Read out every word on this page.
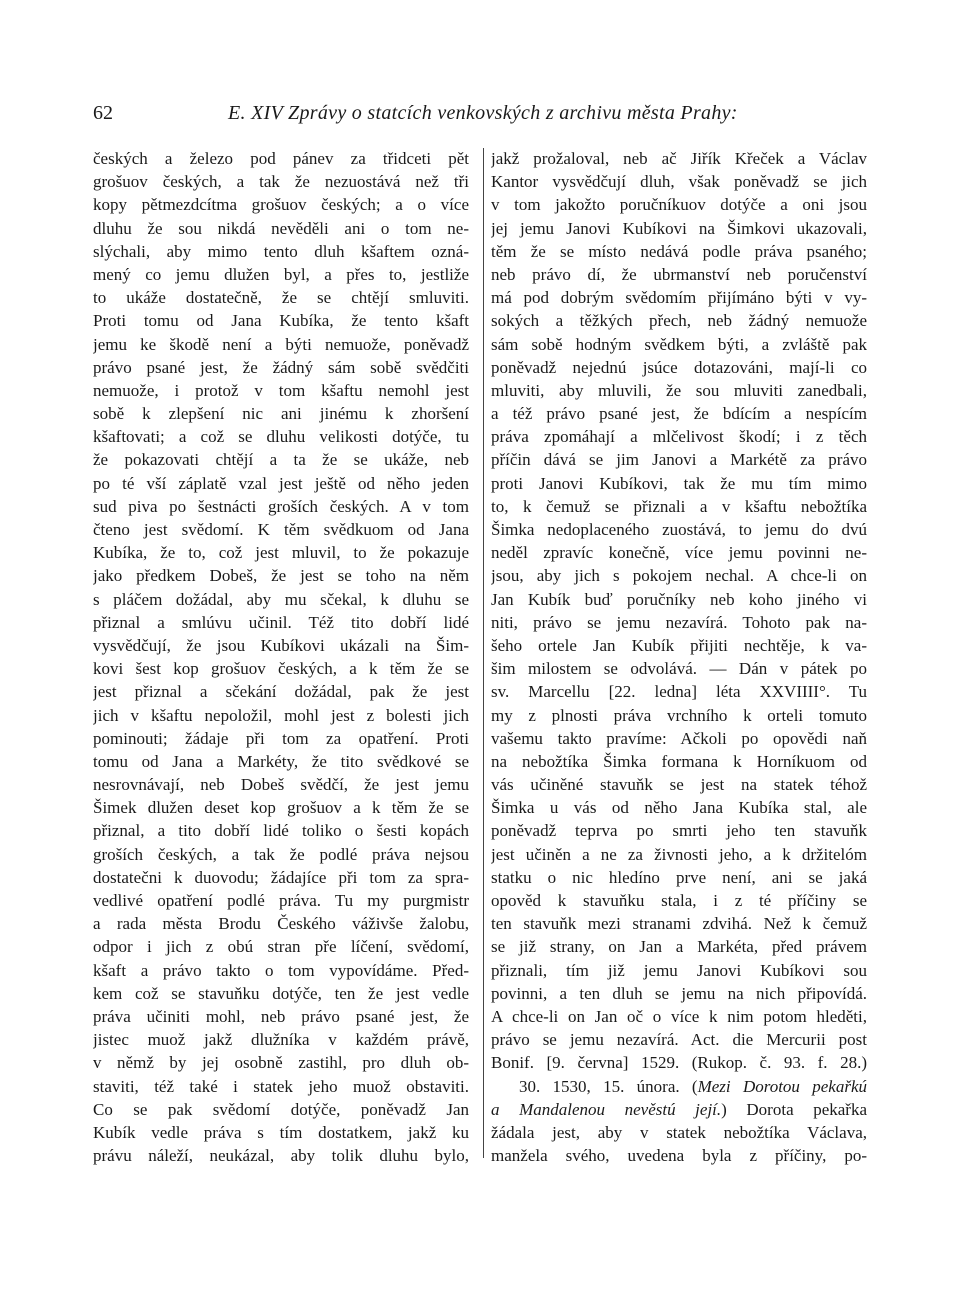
62	E. XIV Zprávy o statcích venkovských z archivu města Prahy:
českých a železo pod pánev za třidceti pět
grošuov českých, a tak že nezuostává než tři
kopy pětmezdcítma grošuov českých; a o více
dluhu že sou nikdá nevěděli ani o tom ne-
slýchali, aby mimo tento dluh kšaftem ozná-
mený co jemu dlužen byl, a přes to, jestliže
to ukáže dostatečně, že se chtějí smluviti.
Proti tomu od Jana Kubíka, že tento kšaft
jemu ke škodě není a býti nemuože, poněvadž
právo psané jest, že žádný sám sobě svědčiti
nemuože, i protož v tom kšaftu nemohl jest
sobě k zlepšení nic ani jinému k zhoršení
kšaftovati; a což se dluhu velikosti dotýče, tu
že pokazovati chtějí a ta že se ukáže, neb
po té vší záplatě vzal jest ještě od něho jeden
sud piva po šestnácti groších českých. A v tom
čteno jest svědomí. K těm svědkuom od Jana
Kubíka, že to, což jest mluvil, to že pokazuje
jako předkem Dobeš, že jest se toho na něm
s pláčem dožádal, aby mu sčekal, k dluhu se
přiznal a smlúvu učinil. Též tito dobří lidé
vysvědčují, že jsou Kubíkovi ukázali na Šim-
kovi šest kop grošuov českých, a k těm že se
jest přiznal a sčekání dožádal, pak že jest
jich v kšaftu nepoložil, mohl jest z bolesti jich
pominouti; žádaje při tom za opatření. Proti
tomu od Jana a Markéty, že tito svědkové se
nesrovnávají, neb Dobeš svědčí, že jest jemu
Šimek dlužen deset kop grošuov a k těm že se
přiznal, a tito dobří lidé toliko o šesti kopách
groších českých, a tak že podlé práva nejsou
dostatečni k duovodu; žádajíce při tom za spra-
vedlivé opatření podlé práva. Tu my purgmistr
a rada města Brodu Českého váživše žalobu,
odpor i jich z obú stran pře líčení, svědomí,
kšaft a právo takto o tom vypovídáme. Před-
kem což se stavuňku dotýče, ten že jest vedle
práva učiniti mohl, neb právo psané jest, že
jistec muož jakž dlužníka v každém právě,
v němž by jej osobně zastihl, pro dluh ob-
staviti, též také i statek jeho muož obstaviti.
Co se pak svědomí dotýče, poněvadž Jan
Kubík vedle práva s tím dostatkem, jakž ku
právu náleží, neukázal, aby tolik dluhu bylo,
jakž prožaloval, neb ač Jiřík Křeček a Václav
Kantor vysvědčují dluh, však poněvadž se jich
v tom jakožto poručníkuov dotýče a oni jsou
jej jemu Janovi Kubíkovi na Šimkovi ukazovali,
těm že se místo nedává podle práva psaného;
neb právo dí, že ubrmanství neb poručenství
má pod dobrým svědomím přijímáno býti v vy-
sokých a těžkých přech, neb žádný nemuože
sám sobě hodným svědkem býti, a zvláště pak
poněvadž nejednú jsúce dotazováni, mají-li co
mluviti, aby mluvili, že sou mluviti zanedbali,
a též právo psané jest, že bdícím a nespícím
práva zpomáhají a mlčelivost škodí; i z těch
příčin dává se jim Janovi a Markétě za právo
proti Janovi Kubíkovi, tak že mu tím mimo
to, k čemuž se přiznali a v kšaftu nebožtíka
Šimka nedoplaceného zuostává, to jemu do dvú
neděl zpravíc konečně, více jemu povinni ne-
jsou, aby jich s pokojem nechal. A chce-li on
Jan Kubík buď poručníky neb koho jiného vi
niti, právo se jemu nezavírá. Tohoto pak na-
šeho ortele Jan Kubík přijiti nechtěje, k va-
šim milostem se odvolává. — Dán v pátek po
sv. Marcellu [22. ledna] léta XXVIIII°. Tu
my z plnosti práva vrchního k orteli tomuto
vašemu takto pravíme: Ačkoli po opovědi naň
na nebožtíka Šimka formana k Horníkuom od
vás učiněné stavuňk se jest na statek téhož
Šimka u vás od něho Jana Kubíka stal, ale
poněvadž teprva po smrti jeho ten stavuňk
jest učiněn a ne za živnosti jeho, a k držitelóm
statku o nic hledíno prve není, ani se jaká
opověd k stavuňku stala, i z té příčiny se
ten stavuňk mezi stranami zdvihá. Než k čemuž
se již strany, on Jan a Markéta, před právem
přiznali, tím již jemu Janovi Kubíkovi sou
povinni, a ten dluh se jemu na nich připovídá.
A chce-li on Jan oč o více k nim potom hleděti,
právo se jemu nezavírá. Act. die Mercurii post
Bonif. [9. června] 1529. (Rukop. č. 93. f. 28.)
30. 1530, 15. února. (Mezi Dorotou pekařkú
a Mandalenou nevěstú její.) Dorota pekařka
žádala jest, aby v statek nebožtíka Václava,
manžela svého, uvedena byla z příčiny, po-
